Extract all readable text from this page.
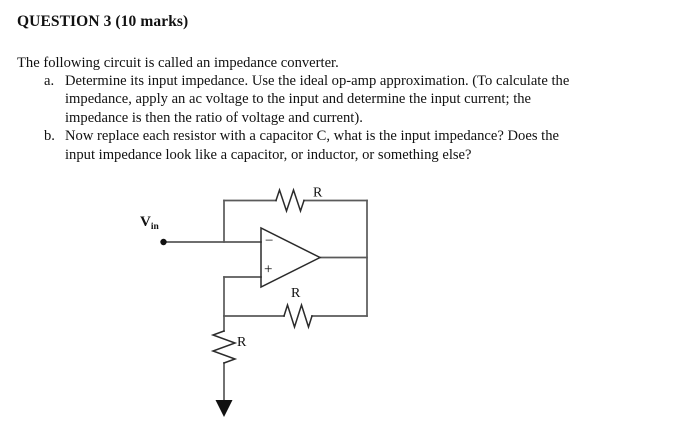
QUESTION 3 (10 marks)
The following circuit is called an impedance converter.
a. Determine its input impedance. Use the ideal op-amp approximation. (To calculate the
impedance, apply an ac voltage to the input and determine the input current; the
impedance is then the ratio of voltage and current).
b. Now replace each resistor with a capacitor C, what is the input impedance? Does the
input impedance look like a capacitor, or inductor, or something else?
$V_{in}$
R
R
R
−
+
